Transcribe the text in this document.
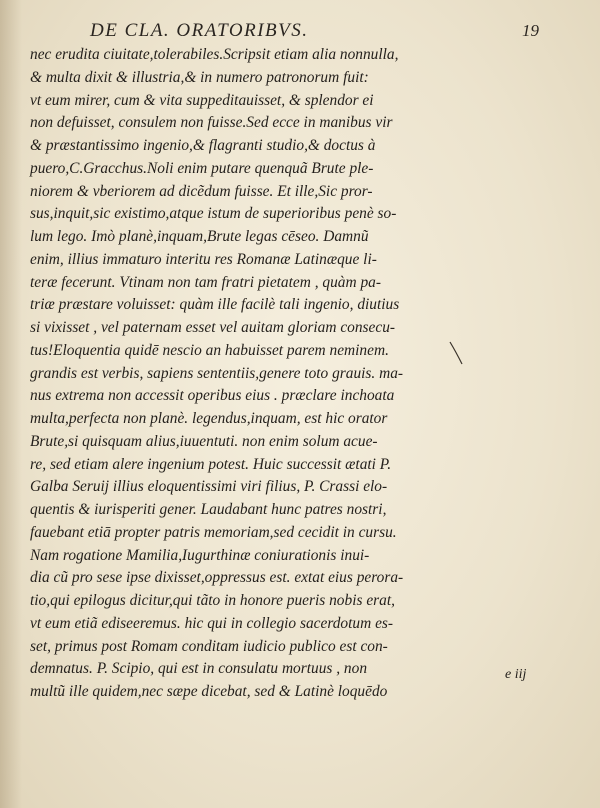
DE CLA. ORATORIBVS.	19
nec erudita ciuitate,tolerabiles.Scripsit etiam alia nonnulla,
& multa dixit & illustria,& in numero patronorum fuit:
vt eum mirer, cum & vita suppeditauisset, & splendor ei
non defuisset, consulem non fuisse.Sed ecce in manibus vir
& præstantissimo ingenio,& flagranti studio,& doctus à
puero,C.Gracchus.Noli enim putare quenquã Brute ple-
niorem & vberiorem ad dicẽdum fuisse. Et ille,Sic pror-
sus,inquit,sic existimo,atque istum de superioribus penè so-
lum lego. Imò planè,inquam,Brute legas cēseo. Damnũ
enim, illius immaturo interitu res Romanæ Latinæque li-
teræ fecerunt. Vtinam non tam fratri pietatem , quàm pa-
triæ præstare voluisset: quàm ille facilè tali ingenio, diutius
si vixisset , vel paternam esset vel auitam gloriam consecu-
tus!Eloquentia quidē nescio an habuisset parem neminem.
grandis est verbis, sapiens sententiis,genere toto grauis. ma-
nus extrema non accessit operibus eius . præclare inchoata
multa,perfecta non planè. legendus,inquam, est hic orator
Brute,si quisquam alius,iuuentuti. non enim solum acue-
re, sed etiam alere ingenium potest. Huic successit ætati P.
Galba Seruij illius eloquentissimi viri filius, P. Crassi elo-
quentis & iurisperiti gener. Laudabant hunc patres nostri,
fauebant etiā propter patris memoriam,sed cecidit in cursu.
Nam rogatione Mamilia,Iugurthinæ coniurationis inui-
dia cũ pro sese ipse dixisset,oppressus est. extat eius perora-
tio,qui epilogus dicitur,qui tãto in honore pueris nobis erat,
vt eum etiã ediseeremus. hic qui in collegio sacerdotum es-
set, primus post Romam conditam iudicio publico est con-
demnatus. P. Scipio, qui est in consulatu mortuus , non
multũ ille quidem,nec sæpe dicebat, sed & Latinè loquēdo
e iij
